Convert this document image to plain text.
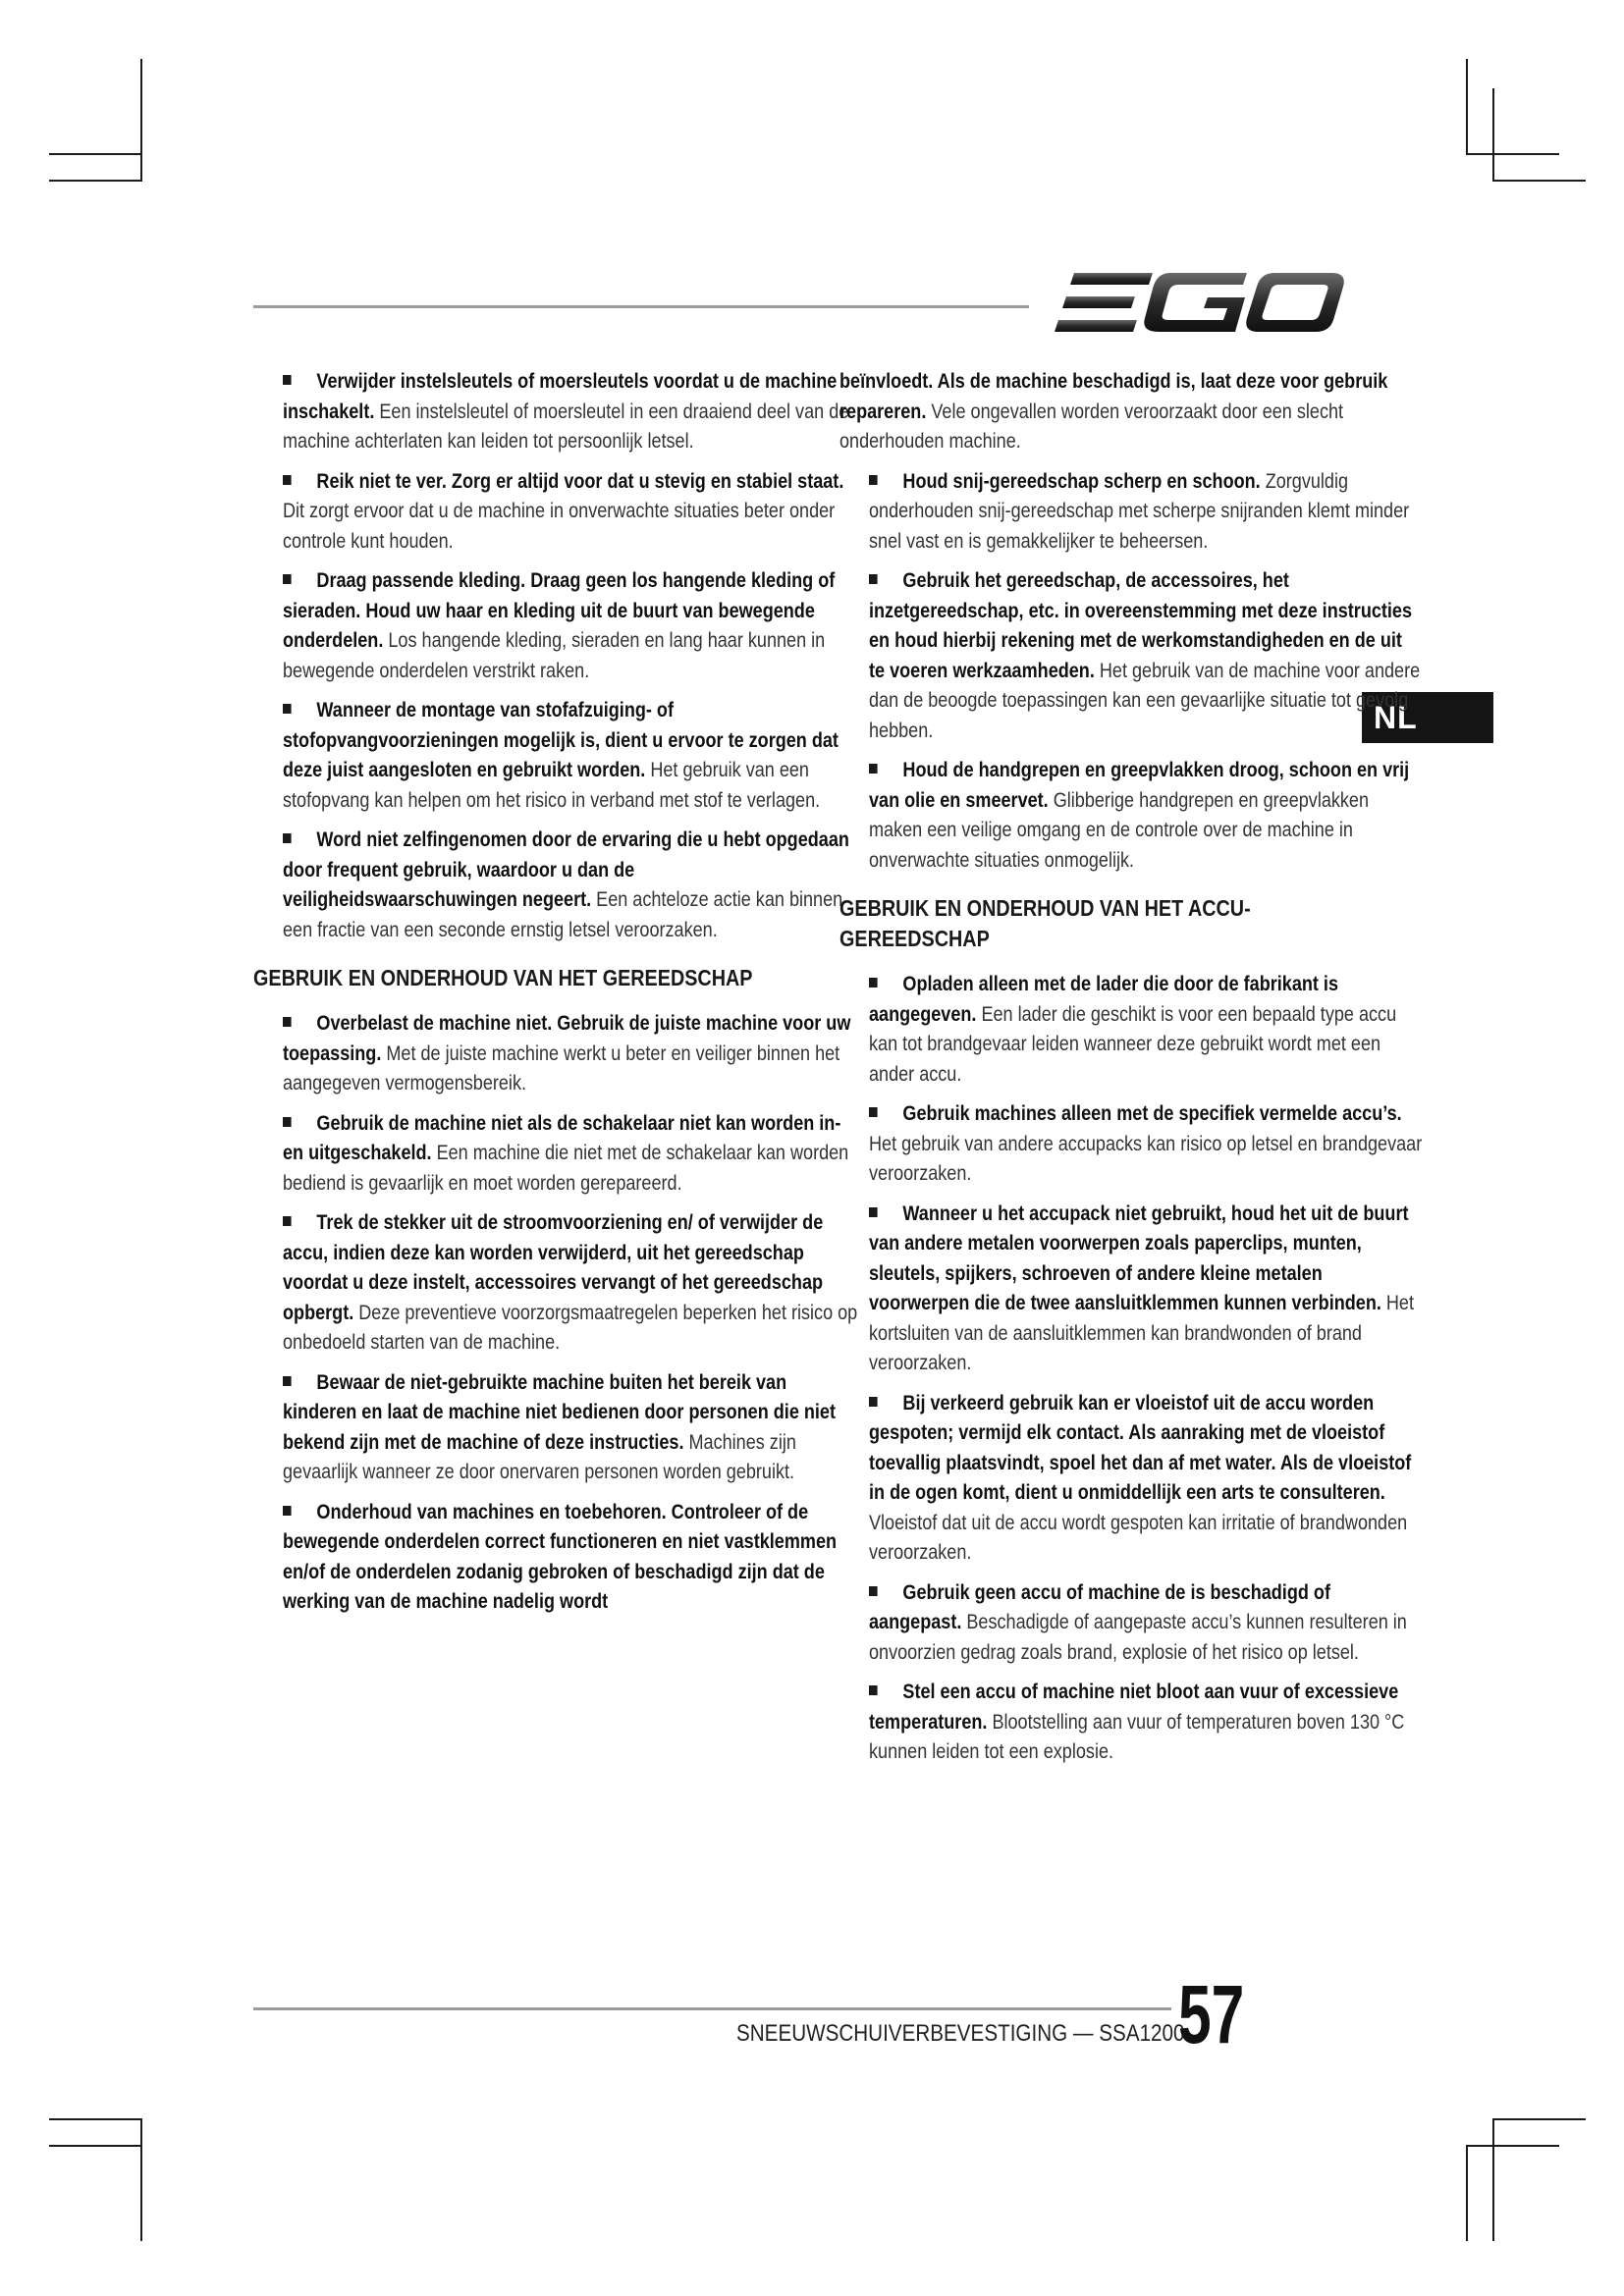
NL
Verwijder instelsleutels of moersleutels voordat u de machine inschakelt. Een instelsleutel of moersleutel in een draaiend deel van de machine achterlaten kan leiden tot persoonlijk letsel.
Reik niet te ver. Zorg er altijd voor dat u stevig en stabiel staat. Dit zorgt ervoor dat u de machine in onverwachte situaties beter onder controle kunt houden.
Draag passende kleding. Draag geen los hangende kleding of sieraden. Houd uw haar en kleding uit de buurt van bewegende onderdelen. Los hangende kleding, sieraden en lang haar kunnen in bewegende onderdelen verstrikt raken.
Wanneer de montage van stofafzuiging- of stofopvangvoorzieningen mogelijk is, dient u ervoor te zorgen dat deze juist aangesloten en gebruikt worden. Het gebruik van een stofopvang kan helpen om het risico in verband met stof te verlagen.
Word niet zelfingenomen door de ervaring die u hebt opgedaan door frequent gebruik, waardoor u dan de veiligheidswaarschuwingen negeert. Een achteloze actie kan binnen een fractie van een seconde ernstig letsel veroorzaken.
GEBRUIK EN ONDERHOUD VAN HET GEREEDSCHAP
Overbelast de machine niet. Gebruik de juiste machine voor uw toepassing. Met de juiste machine werkt u beter en veiliger binnen het aangegeven vermogensbereik.
Gebruik de machine niet als de schakelaar niet kan worden in- en uitgeschakeld. Een machine die niet met de schakelaar kan worden bediend is gevaarlijk en moet worden gerepareerd.
Trek de stekker uit de stroomvoorziening en/ of verwijder de accu, indien deze kan worden verwijderd, uit het gereedschap voordat u deze instelt, accessoires vervangt of het gereedschap opbergt. Deze preventieve voorzorgsmaatregelen beperken het risico op onbedoeld starten van de machine.
Bewaar de niet-gebruikte machine buiten het bereik van kinderen en laat de machine niet bedienen door personen die niet bekend zijn met de machine of deze instructies. Machines zijn gevaarlijk wanneer ze door onervaren personen worden gebruikt.
Onderhoud van machines en toebehoren. Controleer of de bewegende onderdelen correct functioneren en niet vastklemmen en/of de onderdelen zodanig gebroken of beschadigd zijn dat de werking van de machine nadelig wordt
beïnvloedt. Als de machine beschadigd is, laat deze voor gebruik repareren. Vele ongevallen worden veroorzaakt door een slecht onderhouden machine.
Houd snij-gereedschap scherp en schoon. Zorgvuldig onderhouden snij-gereedschap met scherpe snijranden klemt minder snel vast en is gemakkelijker te beheersen.
Gebruik het gereedschap, de accessoires, het inzetgereedschap, etc. in overeenstemming met deze instructies en houd hierbij rekening met de werkomstandigheden en de uit te voeren werkzaamheden. Het gebruik van de machine voor andere dan de beoogde toepassingen kan een gevaarlijke situatie tot gevolg hebben.
Houd de handgrepen en greepvlakken droog, schoon en vrij van olie en smeervet. Glibberige handgrepen en greepvlakken maken een veilige omgang en de controle over de machine in onverwachte situaties onmogelijk.
GEBRUIK EN ONDERHOUD VAN HET ACCU-GEREEDSCHAP
Opladen alleen met de lader die door de fabrikant is aangegeven. Een lader die geschikt is voor een bepaald type accu kan tot brandgevaar leiden wanneer deze gebruikt wordt met een ander accu.
Gebruik machines alleen met de specifiek vermelde accu’s. Het gebruik van andere accupacks kan risico op letsel en brandgevaar veroorzaken.
Wanneer u het accupack niet gebruikt, houd het uit de buurt van andere metalen voorwerpen zoals paperclips, munten, sleutels, spijkers, schroeven of andere kleine metalen voorwerpen die de twee aansluitklemmen kunnen verbinden. Het kortsluiten van de aansluitklemmen kan brandwonden of brand veroorzaken.
Bij verkeerd gebruik kan er vloeistof uit de accu worden gespoten; vermijd elk contact. Als aanraking met de vloeistof toevallig plaatsvindt, spoel het dan af met water. Als de vloeistof in de ogen komt, dient u onmiddellijk een arts te consulteren. Vloeistof dat uit de accu wordt gespoten kan irritatie of brandwonden veroorzaken.
Gebruik geen accu of machine de is beschadigd of aangepast. Beschadigde of aangepaste accu’s kunnen resulteren in onvoorzien gedrag zoals brand, explosie of het risico op letsel.
Stel een accu of machine niet bloot aan vuur of excessieve temperaturen. Blootstelling aan vuur of temperaturen boven 130 °C kunnen leiden tot een explosie.
SNEEUWSCHUIVERBEVESTIGING — SSA1200
57
